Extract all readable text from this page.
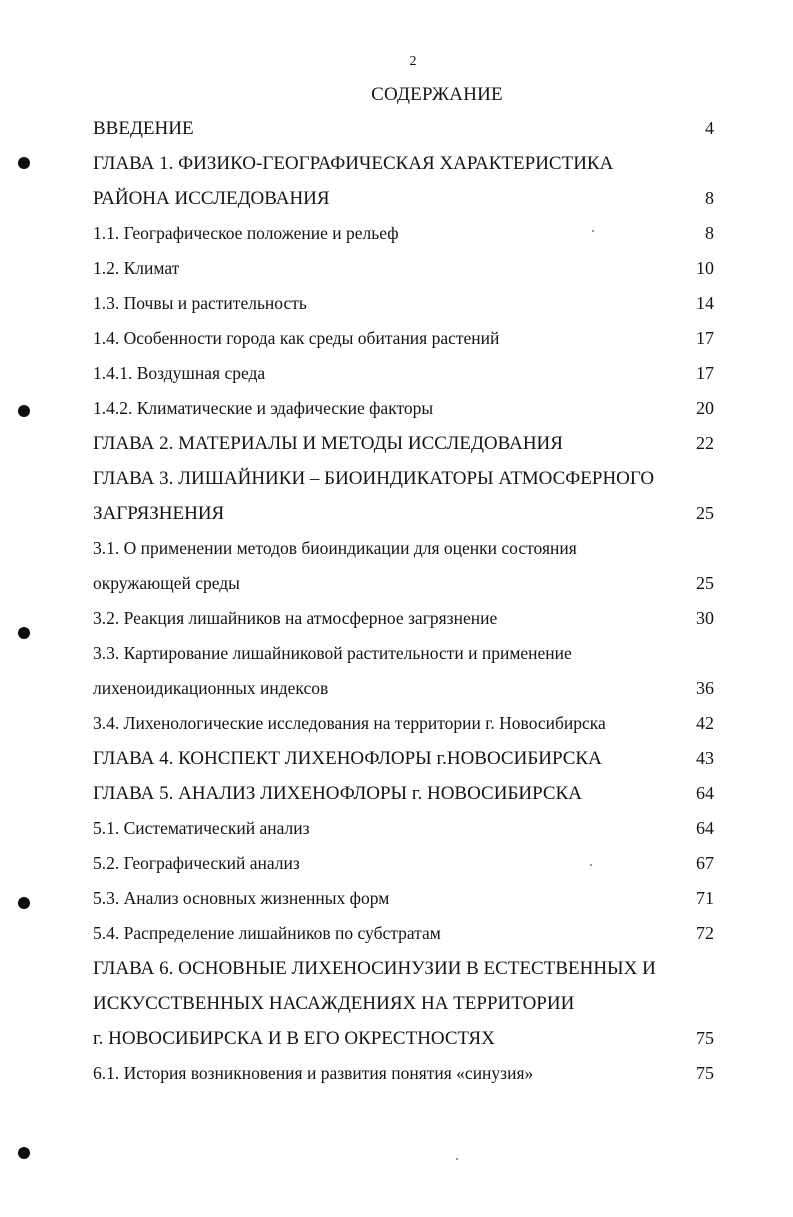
2
СОДЕРЖАНИЕ
ВВЕДЕНИЕ	4
ГЛАВА 1. ФИЗИКО-ГЕОГРАФИЧЕСКАЯ ХАРАКТЕРИСТИКА
РАЙОНА ИССЛЕДОВАНИЯ	8
1.1. Географическое положение и рельеф	8
1.2. Климат	10
1.3. Почвы и растительность	14
1.4. Особенности города как среды обитания растений	17
1.4.1. Воздушная среда	17
1.4.2. Климатические и эдафические факторы	20
ГЛАВА 2. МАТЕРИАЛЫ И МЕТОДЫ ИССЛЕДОВАНИЯ	22
ГЛАВА 3. ЛИШАЙНИКИ – БИОИНДИКАТОРЫ АТМОСФЕРНОГО
ЗАГРЯЗНЕНИЯ	25
3.1. О применении методов биоиндикации для оценки состояния
окружающей среды	25
3.2. Реакция лишайников на атмосферное загрязнение	30
3.3. Картирование лишайниковой растительности и применение
лихеноидикационных индексов	36
3.4. Лихенологические исследования на территории г. Новосибирска	42
ГЛАВА 4. КОНСПЕКТ ЛИХЕНОФЛОРЫ г.НОВОСИБИРСКА	43
ГЛАВА 5. АНАЛИЗ ЛИХЕНОФЛОРЫ г. НОВОСИБИРСКА	64
5.1. Систематический анализ	64
5.2. Географический анализ	67
5.3. Анализ основных жизненных форм	71
5.4. Распределение лишайников по субстратам	72
ГЛАВА 6. ОСНОВНЫЕ ЛИХЕНОСИНУЗИИ В ЕСТЕСТВЕННЫХ И
ИСКУССТВЕННЫХ НАСАЖДЕНИЯХ НА ТЕРРИТОРИИ
г. НОВОСИБИРСКА И В ЕГО ОКРЕСТНОСТЯХ	75
6.1. История возникновения и развития понятия «синузия»	75
